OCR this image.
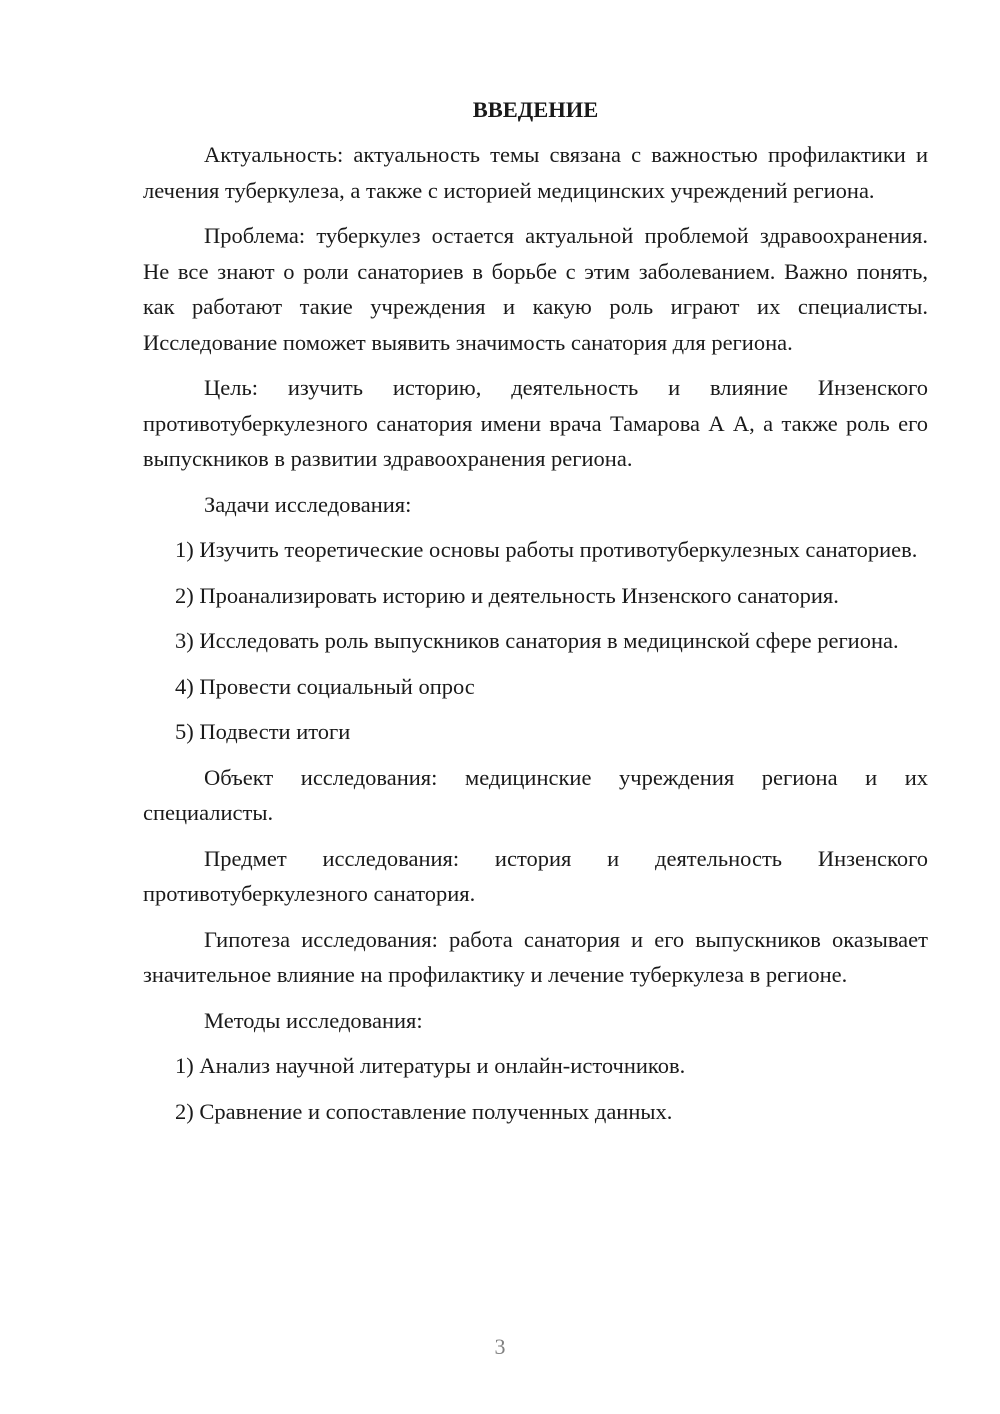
ВВЕДЕНИЕ

Актуальность: актуальность темы связана с важностью профилактики и лечения туберкулеза, а также с историей медицинских учреждений региона.

Проблема: туберкулез остается актуальной проблемой здравоохранения. Не все знают о роли санаториев в борьбе с этим заболеванием. Важно понять, как работают такие учреждения и какую роль играют их специалисты. Исследование поможет выявить значимость санатория для региона.

Цель: изучить историю, деятельность и влияние Инзенского противотуберкулезного санатория имени врача Тамарова А А, а также роль его выпускников в развитии здравоохранения региона.

Задачи исследования:

1) Изучить теоретические основы работы противотуберкулезных санаториев.

2) Проанализировать историю и деятельность Инзенского санатория.

3) Исследовать роль выпускников санатория в медицинской сфере региона.

4) Провести социальный опрос

5) Подвести итоги

Объект исследования: медицинские учреждения региона и их специалисты.

Предмет исследования: история и деятельность Инзенского противотуберкулезного санатория.

Гипотеза исследования: работа санатория и его выпускников оказывает значительное влияние на профилактику и лечение туберкулеза в регионе.

Методы исследования:

1) Анализ научной литературы и онлайн-источников.

2) Сравнение и сопоставление полученных данных.

3
